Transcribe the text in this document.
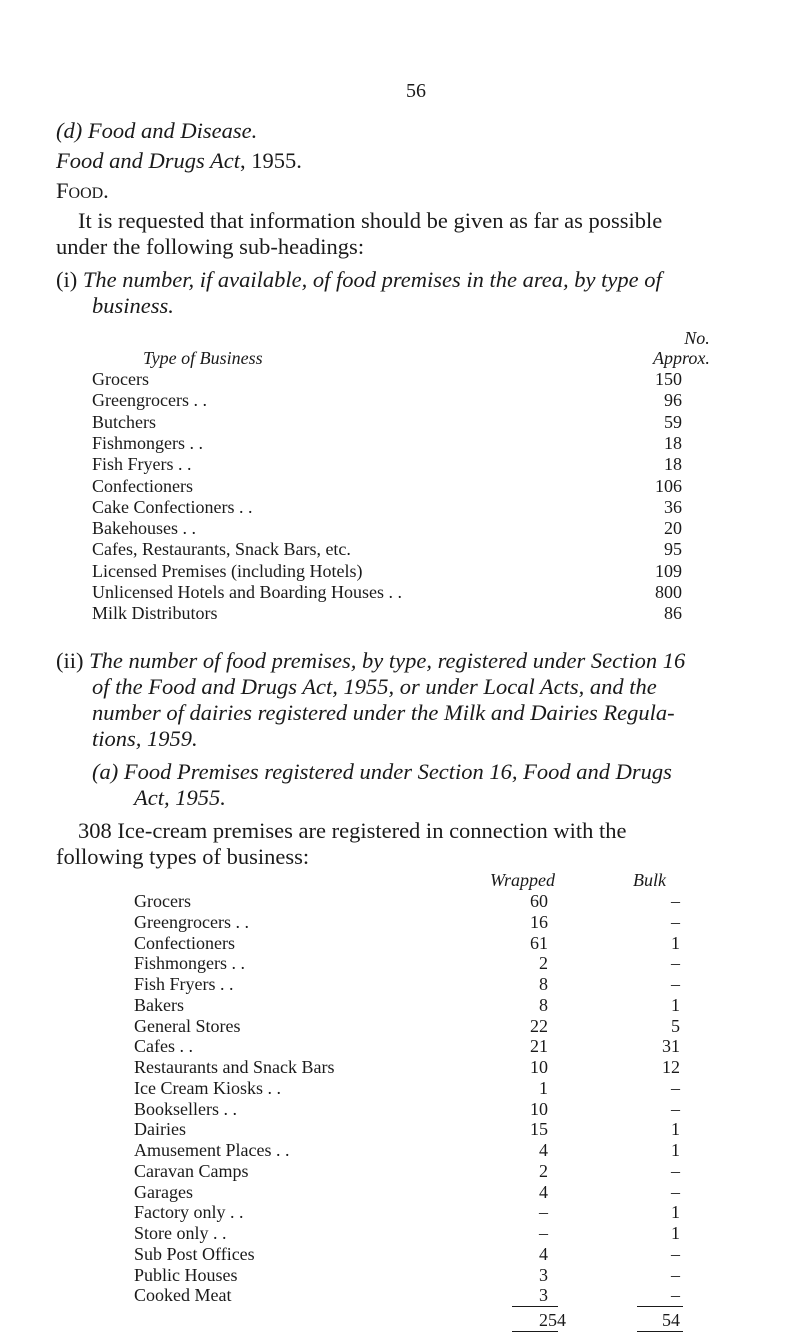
56
(d) Food and Disease.
Food and Drugs Act, 1955.
Food.
It is requested that information should be given as far as possible
under the following sub-headings:
(i) The number, if available, of food premises in the area, by type of
business.
No.
Type of Business	Approx.
Grocers	150
Greengrocers . .	96
Butchers	59
Fishmongers . .	18
Fish Fryers . .	18
Confectioners	106
Cake Confectioners . .	36
Bakehouses . .	20
Cafes, Restaurants, Snack Bars, etc.	95
Licensed Premises (including Hotels)	109
Unlicensed Hotels and Boarding Houses . .	800
Milk Distributors	86
(ii) The number of food premises, by type, registered under Section 16
of the Food and Drugs Act, 1955, or under Local Acts, and the
number of dairies registered under the Milk and Dairies Regula-
tions, 1959.
(a) Food Premises registered under Section 16, Food and Drugs
Act, 1955.
308 Ice-cream premises are registered in connection with the
following types of business:
Wrapped	Bulk
Grocers	60	–
Greengrocers . .	16	–
Confectioners	61	1
Fishmongers . .	2	–
Fish Fryers . .	8	–
Bakers	8	1
General Stores	22	5
Cafes . .	21	31
Restaurants and Snack Bars	10	12
Ice Cream Kiosks . .	1	–
Booksellers . .	10	–
Dairies	15	1
Amusement Places . .	4	1
Caravan Camps	2	–
Garages	4	–
Factory only . .	–	1
Store only . .	–	1
Sub Post Offices	4	–
Public Houses	3	–
Cooked Meat	3	–
254	54
